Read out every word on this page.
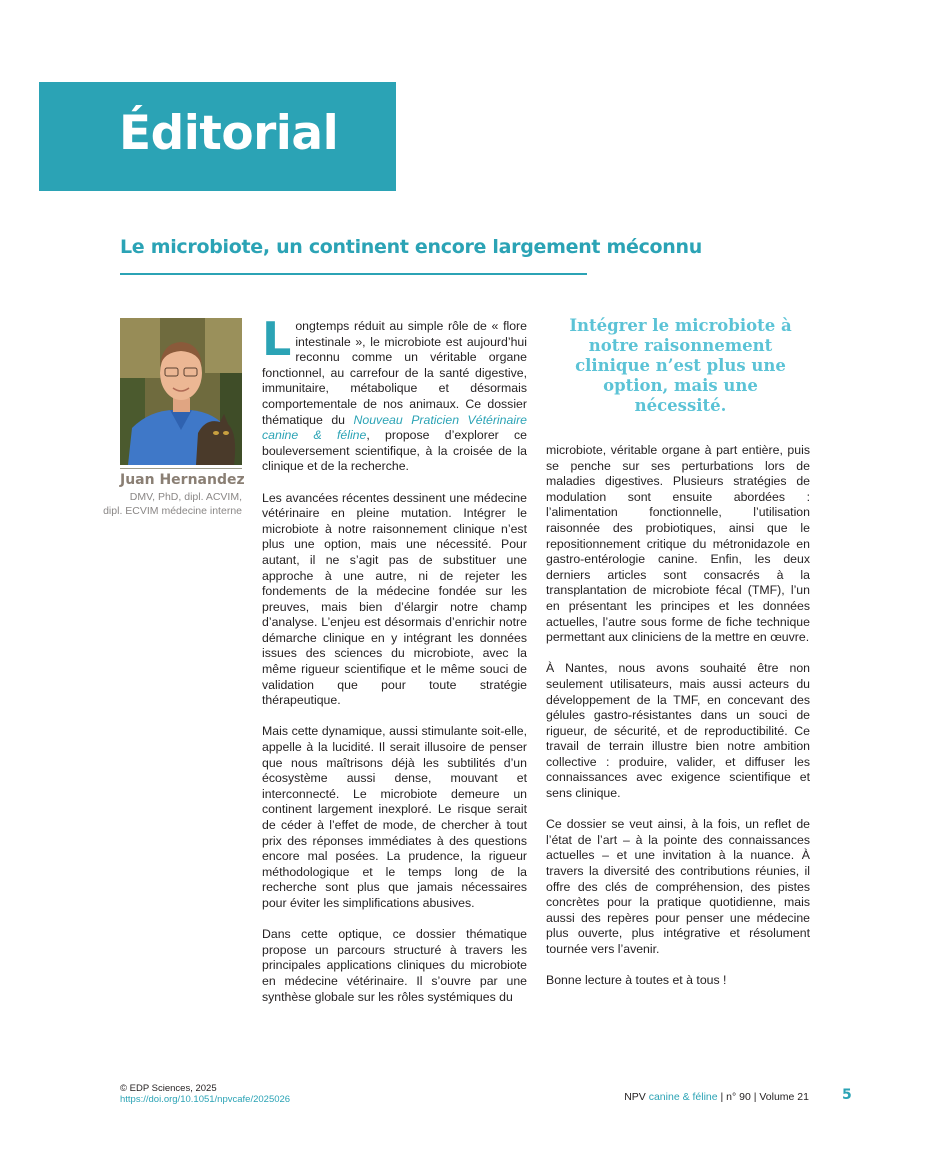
Éditorial
Le microbiote, un continent encore largement méconnu
Juan Hernandez
DMV, PhD, dipl. ACVIM,
dipl. ECVIM médecine interne

Longtemps réduit au simple rôle de « flore intestinale », le microbiote est aujourd’hui reconnu comme un véritable organe fonctionnel, au carrefour de la santé digestive, immunitaire, métabolique et désormais comportementale de nos animaux. Ce dossier thématique du Nouveau Praticien Vétérinaire canine & féline, propose d’explorer ce bouleversement scientifique, à la croisée de la clinique et de la recherche.

Les avancées récentes dessinent une médecine vétérinaire en pleine mutation. Intégrer le microbiote à notre raisonnement clinique n’est plus une option, mais une nécessité. Pour autant, il ne s’agit pas de substituer une approche à une autre, ni de rejeter les fondements de la médecine fondée sur les preuves, mais bien d’élargir notre champ d’analyse. L’enjeu est désormais d’enrichir notre démarche clinique en y intégrant les données issues des sciences du microbiote, avec la même rigueur scientifique et le même souci de validation que pour toute stratégie thérapeutique.

Mais cette dynamique, aussi stimulante soit-elle, appelle à la lucidité. Il serait illusoire de penser que nous maîtrisons déjà les subtilités d’un écosystème aussi dense, mouvant et interconnecté. Le microbiote demeure un continent largement inexploré. Le risque serait de céder à l’effet de mode, de chercher à tout prix des réponses immédiates à des questions encore mal posées. La prudence, la rigueur méthodologique et le temps long de la recherche sont plus que jamais nécessaires pour éviter les simplifications abusives.

Dans cette optique, ce dossier thématique propose un parcours structuré à travers les principales applications cliniques du microbiote en médecine vétérinaire. Il s’ouvre par une synthèse globale sur les rôles systémiques du

Intégrer le microbiote à notre raisonnement clinique n’est plus une option, mais une nécessité.

microbiote, véritable organe à part entière, puis se penche sur ses perturbations lors de maladies digestives. Plusieurs stratégies de modulation sont ensuite abordées : l’alimentation fonctionnelle, l’utilisation raisonnée des probiotiques, ainsi que le repositionnement critique du métronidazole en gastro-entérologie canine. Enfin, les deux derniers articles sont consacrés à la transplantation de microbiote fécal (TMF), l’un en présentant les principes et les données actuelles, l’autre sous forme de fiche technique permettant aux cliniciens de la mettre en œuvre.

À Nantes, nous avons souhaité être non seulement utilisateurs, mais aussi acteurs du développement de la TMF, en concevant des gélules gastro-résistantes dans un souci de rigueur, de sécurité, et de reproductibilité. Ce travail de terrain illustre bien notre ambition collective : produire, valider, et diffuser les connaissances avec exigence scientifique et sens clinique.

Ce dossier se veut ainsi, à la fois, un reflet de l’état de l’art – à la pointe des connaissances actuelles – et une invitation à la nuance. À travers la diversité des contributions réunies, il offre des clés de compréhension, des pistes concrètes pour la pratique quotidienne, mais aussi des repères pour penser une médecine plus ouverte, plus intégrative et résolument tournée vers l’avenir.

Bonne lecture à toutes et à tous !

© EDP Sciences, 2025
https://doi.org/10.1051/npvcafe/2025026	NPV canine & féline | n° 90 | Volume 21 5
